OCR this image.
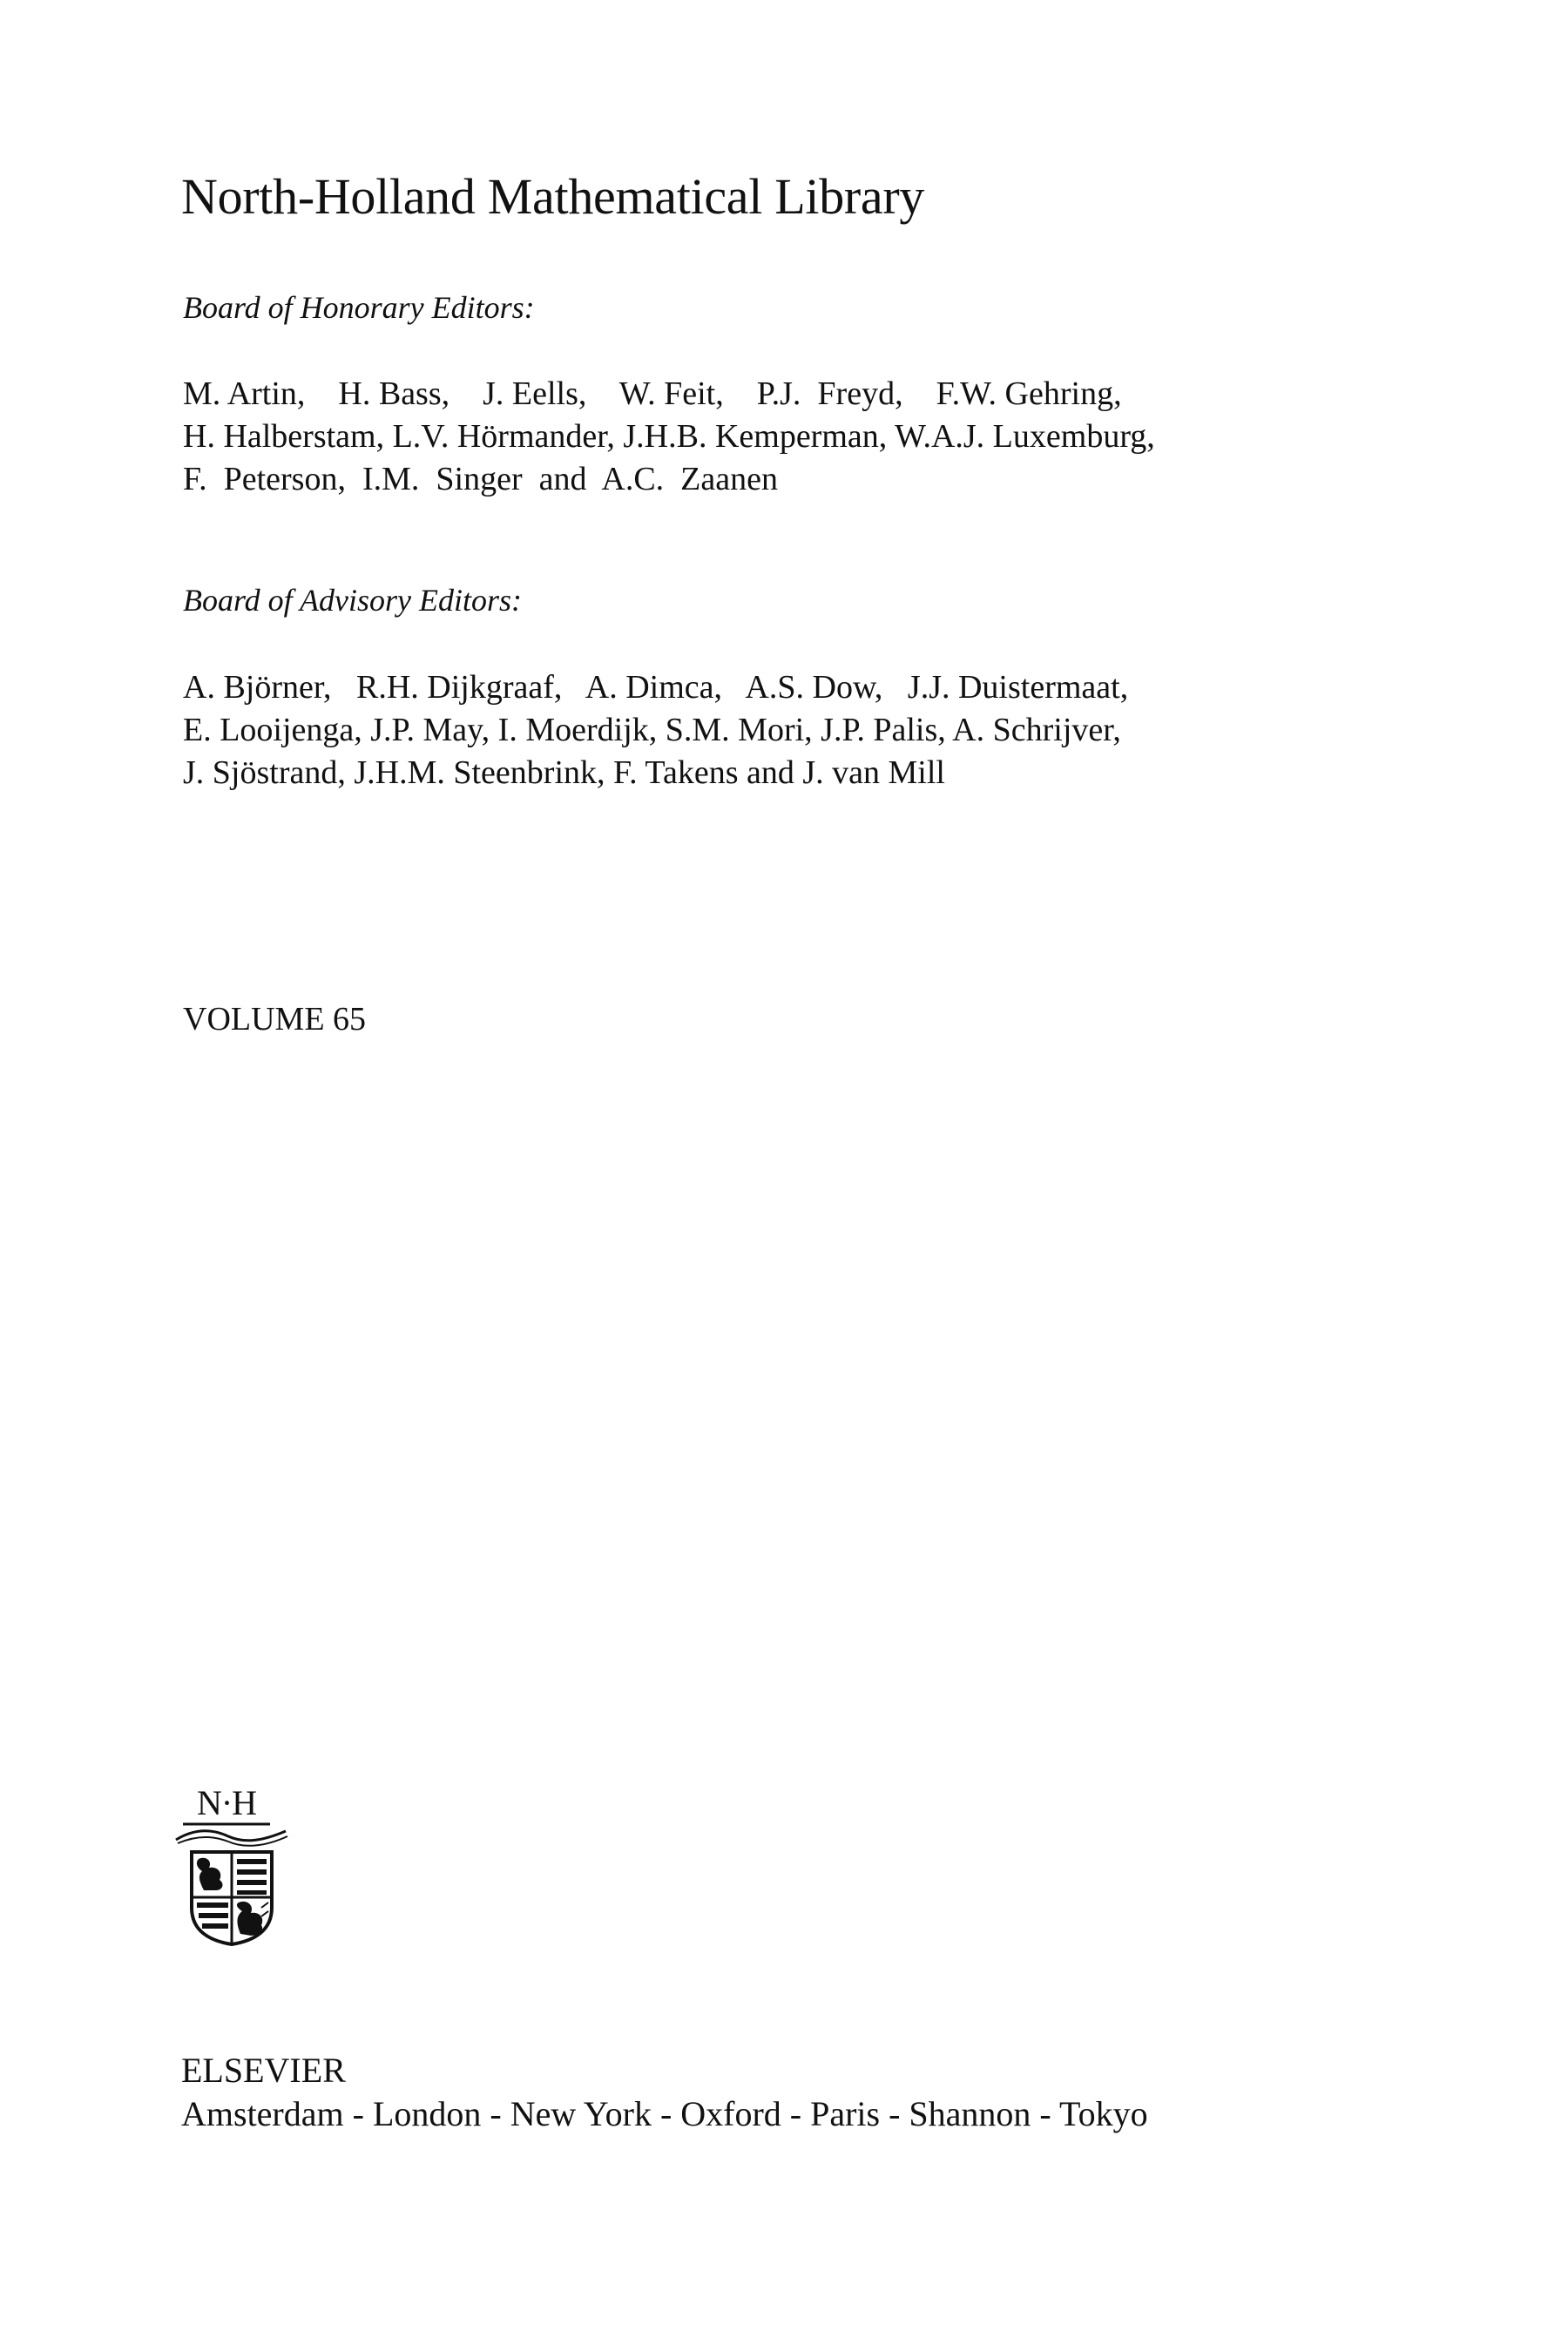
North-Holland Mathematical Library
Board of Honorary Editors:
M. Artin,    H. Bass,    J. Eells,    W. Feit,    P.J.  Freyd,    F.W. Gehring,
H. Halberstam, L.V. Hörmander, J.H.B. Kemperman, W.A.J. Luxemburg,
F.  Peterson,  I.M.  Singer  and  A.C.  Zaanen
Board of Advisory Editors:
A. Björner,   R.H. Dijkgraaf,   A. Dimca,   A.S. Dow,   J.J. Duistermaat,
E. Looijenga, J.P. May, I. Moerdijk, S.M. Mori, J.P. Palis, A. Schrijver,
J. Sjöstrand, J.H.M. Steenbrink, F. Takens and J. van Mill
VOLUME 65
N·H
ELSEVIER
Amsterdam - London - New York - Oxford - Paris - Shannon - Tokyo
